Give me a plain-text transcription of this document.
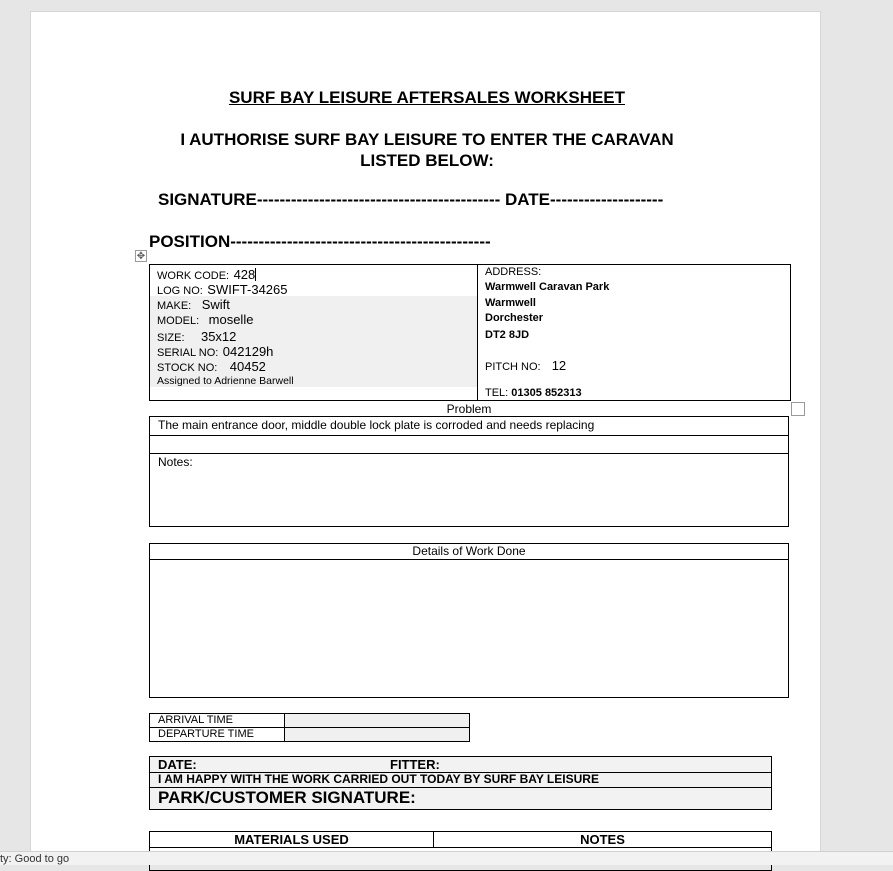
SURF BAY LEISURE AFTERSALES WORKSHEET
I AUTHORISE SURF BAY LEISURE TO ENTER THE CARAVAN
LISTED BELOW:
SIGNATURE------------------------------------------- DATE--------------------
POSITION----------------------------------------------
✥
WORK CODE: 428
LOG NO: SWIFT-34265
MAKE: Swift
MODEL: moselle
SIZE: 35x12
SERIAL NO: 042129h
STOCK NO: 40452
Assigned to Adrienne Barwell
ADDRESS:
Warmwell Caravan Park
Warmwell
Dorchester
DT2 8JD
PITCH NO: 12
TEL: 01305 852313
Problem
The main entrance door, middle double lock plate is corroded and needs replacing
Notes:
Details of Work Done
ARRIVAL TIME
DEPARTURE TIME
DATE:	FITTER:
I AM HAPPY WITH THE WORK CARRIED OUT TODAY BY SURF BAY LEISURE
PARK/CUSTOMER SIGNATURE:
MATERIALS USED	NOTES
ty: Good to go
